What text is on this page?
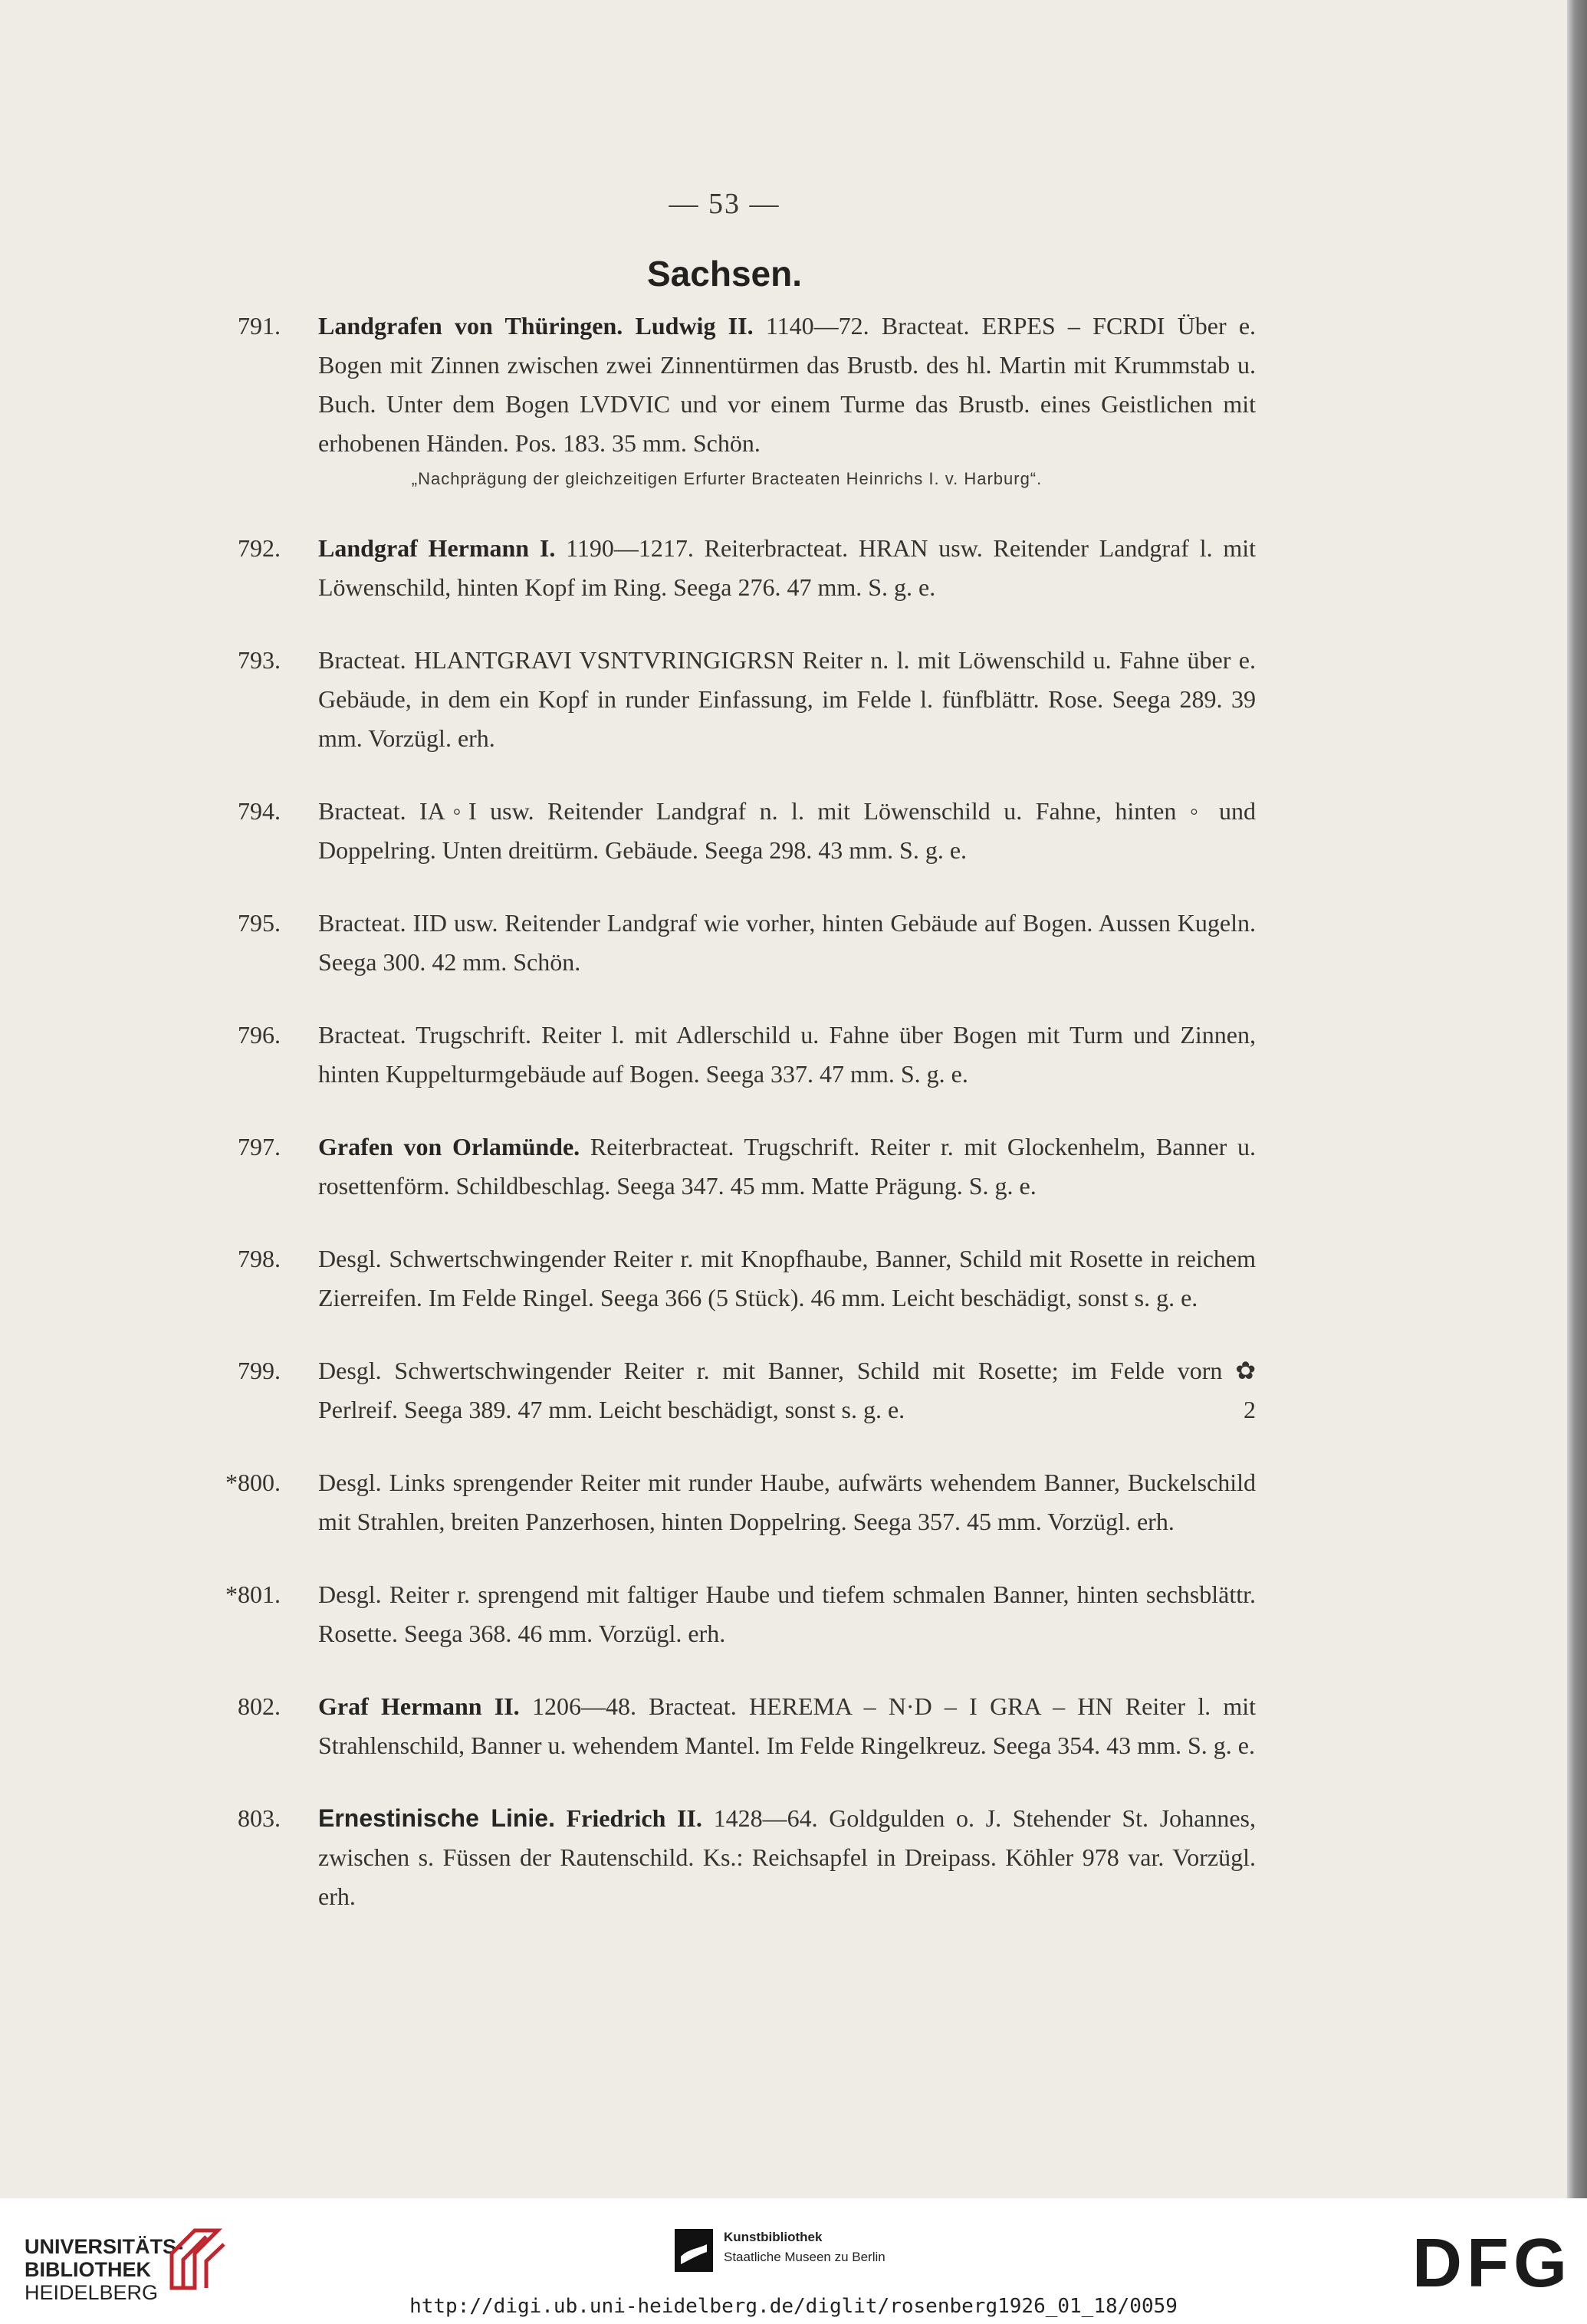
— 53 —
Sachsen.
791. Landgrafen von Thüringen. Ludwig II. 1140—72. Bracteat. ERPES – FCRDI Über e. Bogen mit Zinnen zwischen zwei Zinnentürmen das Brustb. des hl. Martin mit Krummstab u. Buch. Unter dem Bogen LVDVIC und vor einem Turme das Brustb. eines Geistlichen mit erhobenen Händen. Pos. 183. 35 mm. Schön.
„Nachprägung der gleichzeitigen Erfurter Bracteaten Heinrichs I. v. Harburg“.
792. Landgraf Hermann I. 1190—1217. Reiterbracteat. HRAN usw. Reitender Landgraf l. mit Löwenschild, hinten Kopf im Ring. Seega 276. 47 mm. S. g. e.
793. Bracteat. HLANTGRAVI VSNTVRINGIGRSN Reiter n. l. mit Löwenschild u. Fahne über e. Gebäude, in dem ein Kopf in runder Einfassung, im Felde l. fünfblättr. Rose. Seega 289. 39 mm. Vorzügl. erh.
794. Bracteat. IA◦I usw. Reitender Landgraf n. l. mit Löwenschild u. Fahne, hinten ◦ und Doppelring. Unten dreitürm. Gebäude. Seega 298. 43 mm. S. g. e.
795. Bracteat. IID usw. Reitender Landgraf wie vorher, hinten Gebäude auf Bogen. Aussen Kugeln. Seega 300. 42 mm. Schön.
796. Bracteat. Trugschrift. Reiter l. mit Adlerschild u. Fahne über Bogen mit Turm und Zinnen, hinten Kuppelturmgebäude auf Bogen. Seega 337. 47 mm. S. g. e.
797. Grafen von Orlamünde. Reiterbracteat. Trugschrift. Reiter r. mit Glockenhelm, Banner u. rosettenförm. Schildbeschlag. Seega 347. 45 mm. Matte Prägung. S. g. e.
798. Desgl. Schwertschwingender Reiter r. mit Knopfhaube, Banner, Schild mit Rosette in reichem Zierreifen. Im Felde Ringel. Seega 366 (5 Stück). 46 mm. Leicht beschädigt, sonst s. g. e.
799. Desgl. Schwertschwingender Reiter r. mit Banner, Schild mit Rosette; im Felde vorn ✿ Perlreif. Seega 389. 47 mm. Leicht beschädigt, sonst s. g. e.	2
*800. Desgl. Links sprengender Reiter mit runder Haube, aufwärts wehendem Banner, Buckelschild mit Strahlen, breiten Panzerhosen, hinten Doppelring. Seega 357. 45 mm. Vorzügl. erh.
*801. Desgl. Reiter r. sprengend mit faltiger Haube und tiefem schmalen Banner, hinten sechsblättr. Rosette. Seega 368. 46 mm. Vorzügl. erh.
802. Graf Hermann II. 1206—48. Bracteat. HEREMA – N·D – I GRA – HN Reiter l. mit Strahlenschild, Banner u. wehendem Mantel. Im Felde Ringelkreuz. Seega 354. 43 mm. S. g. e.
803. Ernestinische Linie. Friedrich II. 1428—64. Goldgulden o. J. Stehender St. Johannes, zwischen s. Füssen der Rautenschild. Ks.: Reichsapfel in Dreipass. Köhler 978 var. Vorzügl. erh.
UNIVERSITÄTS-
BIBLIOTHEK
HEIDELBERG
Kunstbibliothek
Staatliche Museen zu Berlin	DFG
http://digi.ub.uni-heidelberg.de/diglit/rosenberg1926_01_18/0059
